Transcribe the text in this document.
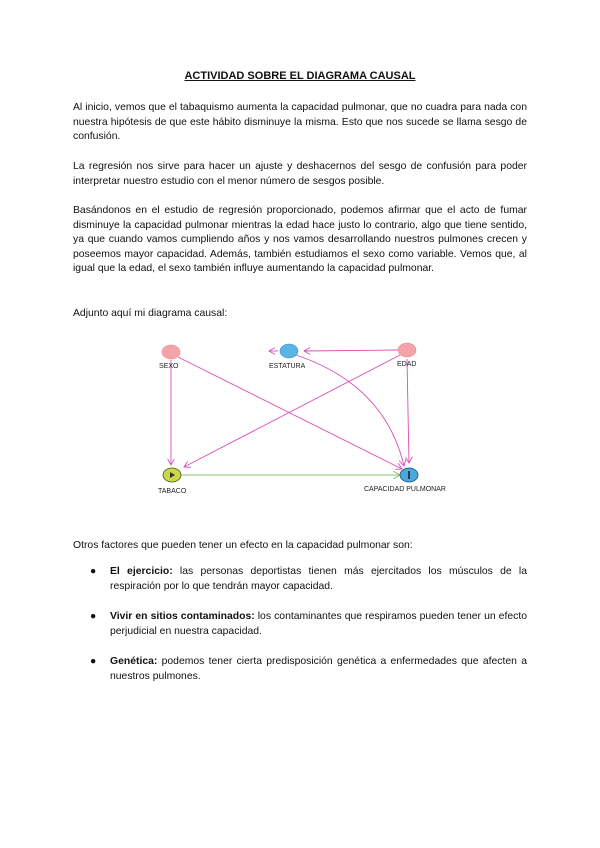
ACTIVIDAD SOBRE EL DIAGRAMA CAUSAL

Al inicio, vemos que el tabaquismo aumenta la capacidad pulmonar, que no cuadra para nada con nuestra hipótesis de que este hábito disminuye la misma. Esto que nos sucede se llama sesgo de confusión.

La regresión nos sirve para hacer un ajuste y deshacernos del sesgo de confusión para poder interpretar nuestro estudio con el menor número de sesgos posible.

Basándonos en el estudio de regresión proporcionado, podemos afirmar que el acto de fumar disminuye la capacidad pulmonar mientras la edad hace justo lo contrario, algo que tiene sentido, ya que cuando vamos cumpliendo años y nos vamos desarrollando nuestros pulmones crecen y poseemos mayor capacidad. Además, también estudiamos el sexo como variable. Vemos que, al igual que la edad, el sexo también influye aumentando la capacidad pulmonar.

Adjunto aquí mi diagrama causal:

SEXO	ESTATURA	EDAD
TABACO	CAPACIDAD PULMONAR

Otros factores que pueden tener un efecto en la capacidad pulmonar son:

● El ejercicio: las personas deportistas tienen más ejercitados los músculos de la respiración por lo que tendrán mayor capacidad.
● Vivir en sitios contaminados: los contaminantes que respiramos pueden tener un efecto perjudicial en nuestra capacidad.
● Genética: podemos tener cierta predisposición genética a enfermedades que afecten a nuestros pulmones.
